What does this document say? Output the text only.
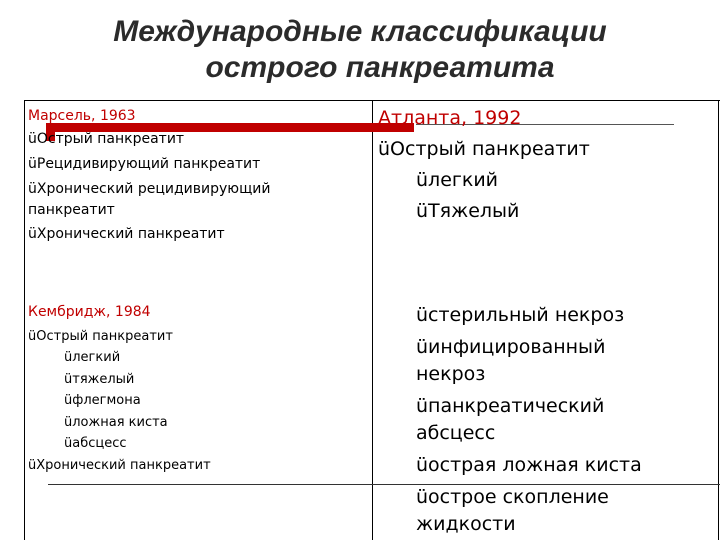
Международные классификации
острого панкреатита
Марсель, 1963
üОстрый панкреатит
üРецидивирующий панкреатит
üХронический рецидивирующий
панкреатит
üХронический панкреатит
Кембридж, 1984
üОстрый панкреатит
üлегкий
üтяжелый
üфлегмона
üложная киста
üабсцесс
üХронический панкреатит
Атланта, 1992
üОстрый панкреатит
üлегкий
üТяжелый
üстерильный некроз
üинфицированный
некроз
üпанкреатический
абсцесс
üострая ложная киста
üострое скопление
жидкости
